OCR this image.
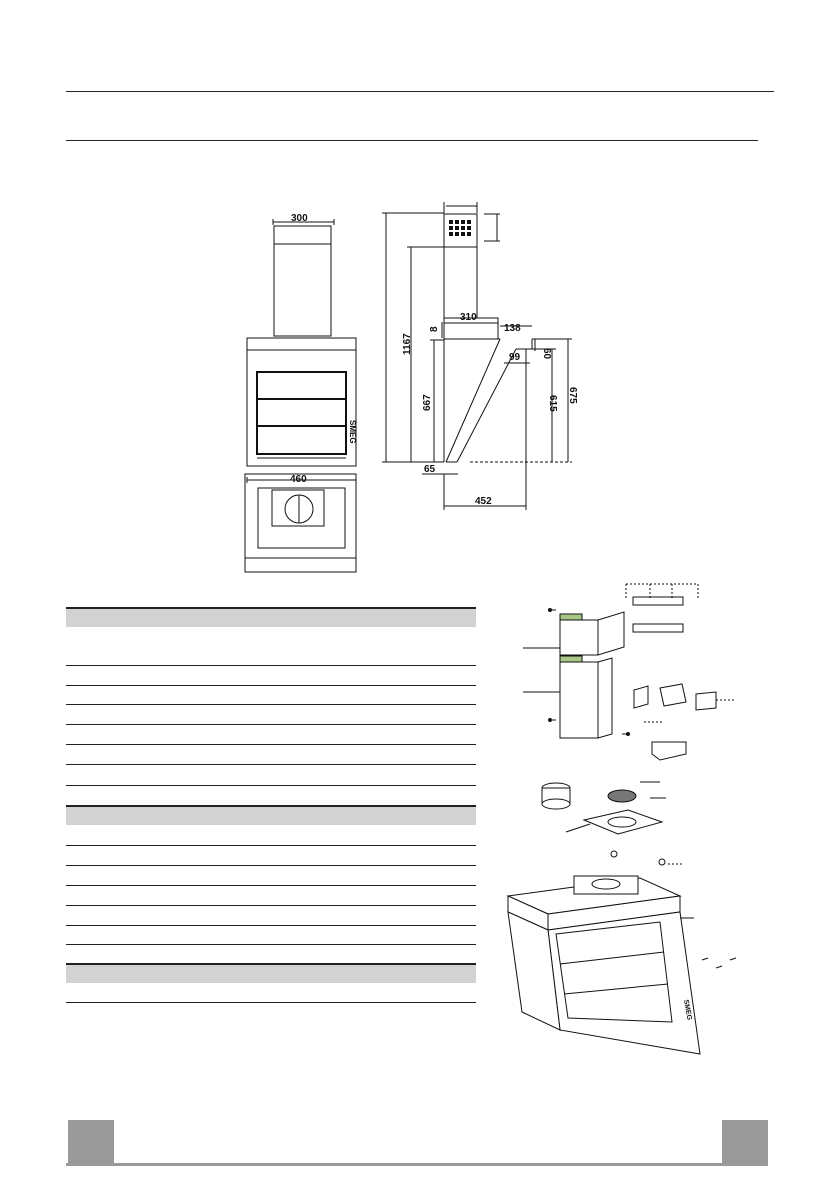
300
460
SMEG
1167
310
8	138
60
99
667	615 675
65
452
SMEG
